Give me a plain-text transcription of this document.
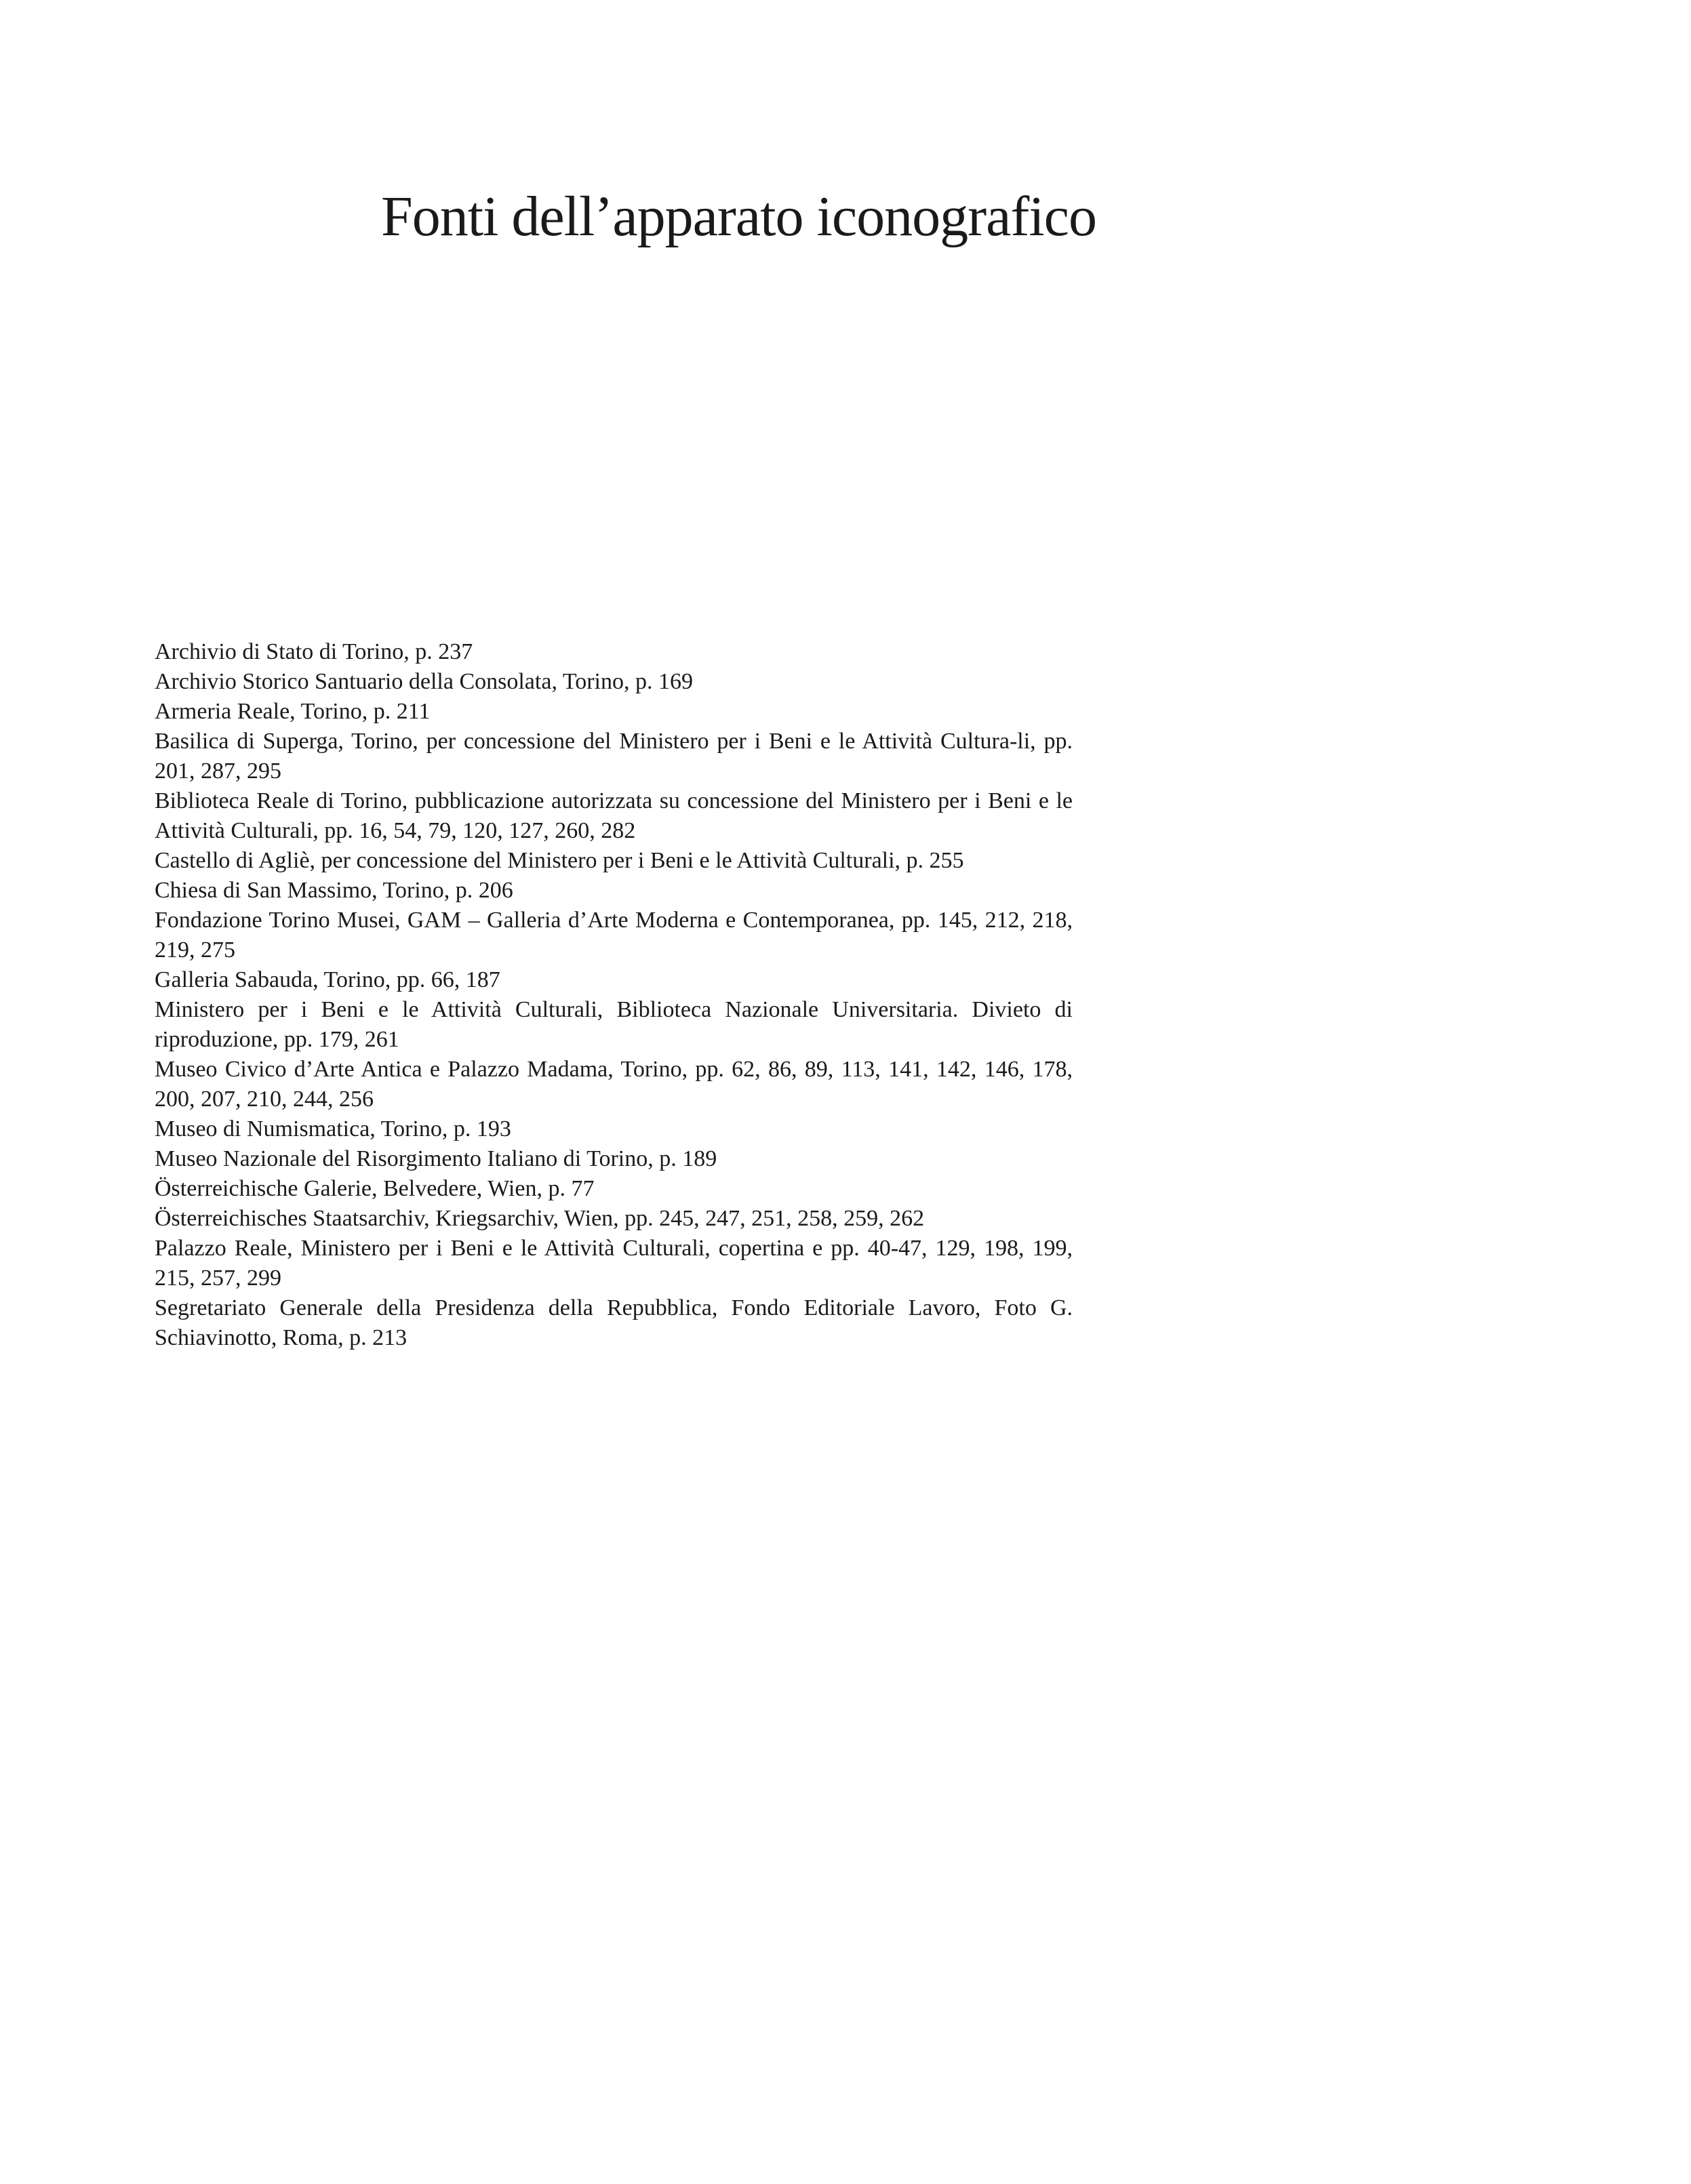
Fonti dell’apparato iconografico
Archivio di Stato di Torino, p. 237
Archivio Storico Santuario della Consolata, Torino, p. 169
Armeria Reale, Torino, p. 211
Basilica di Superga, Torino, per concessione del Ministero per i Beni e le Attività Cultura-li, pp. 201, 287, 295
Biblioteca Reale di Torino, pubblicazione autorizzata su concessione del Ministero per i Beni e le Attività Culturali, pp. 16, 54, 79, 120, 127, 260, 282
Castello di Agliè, per concessione del Ministero per i Beni e le Attività Culturali, p. 255
Chiesa di San Massimo, Torino, p. 206
Fondazione Torino Musei, GAM – Galleria d’Arte Moderna e Contemporanea, pp. 145, 212, 218, 219, 275
Galleria Sabauda, Torino, pp. 66, 187
Ministero per i Beni e le Attività Culturali, Biblioteca Nazionale Universitaria. Divieto di riproduzione, pp. 179, 261
Museo Civico d’Arte Antica e Palazzo Madama, Torino, pp. 62, 86, 89, 113, 141, 142, 146, 178, 200, 207, 210, 244, 256
Museo di Numismatica, Torino, p. 193
Museo Nazionale del Risorgimento Italiano di Torino, p. 189
Österreichische Galerie, Belvedere, Wien, p. 77
Österreichisches Staatsarchiv, Kriegsarchiv, Wien, pp. 245, 247, 251, 258, 259, 262
Palazzo Reale, Ministero per i Beni e le Attività Culturali, copertina e pp. 40-47, 129, 198, 199, 215, 257, 299
Segretariato Generale della Presidenza della Repubblica, Fondo Editoriale Lavoro, Foto G. Schiavinotto, Roma, p. 213
